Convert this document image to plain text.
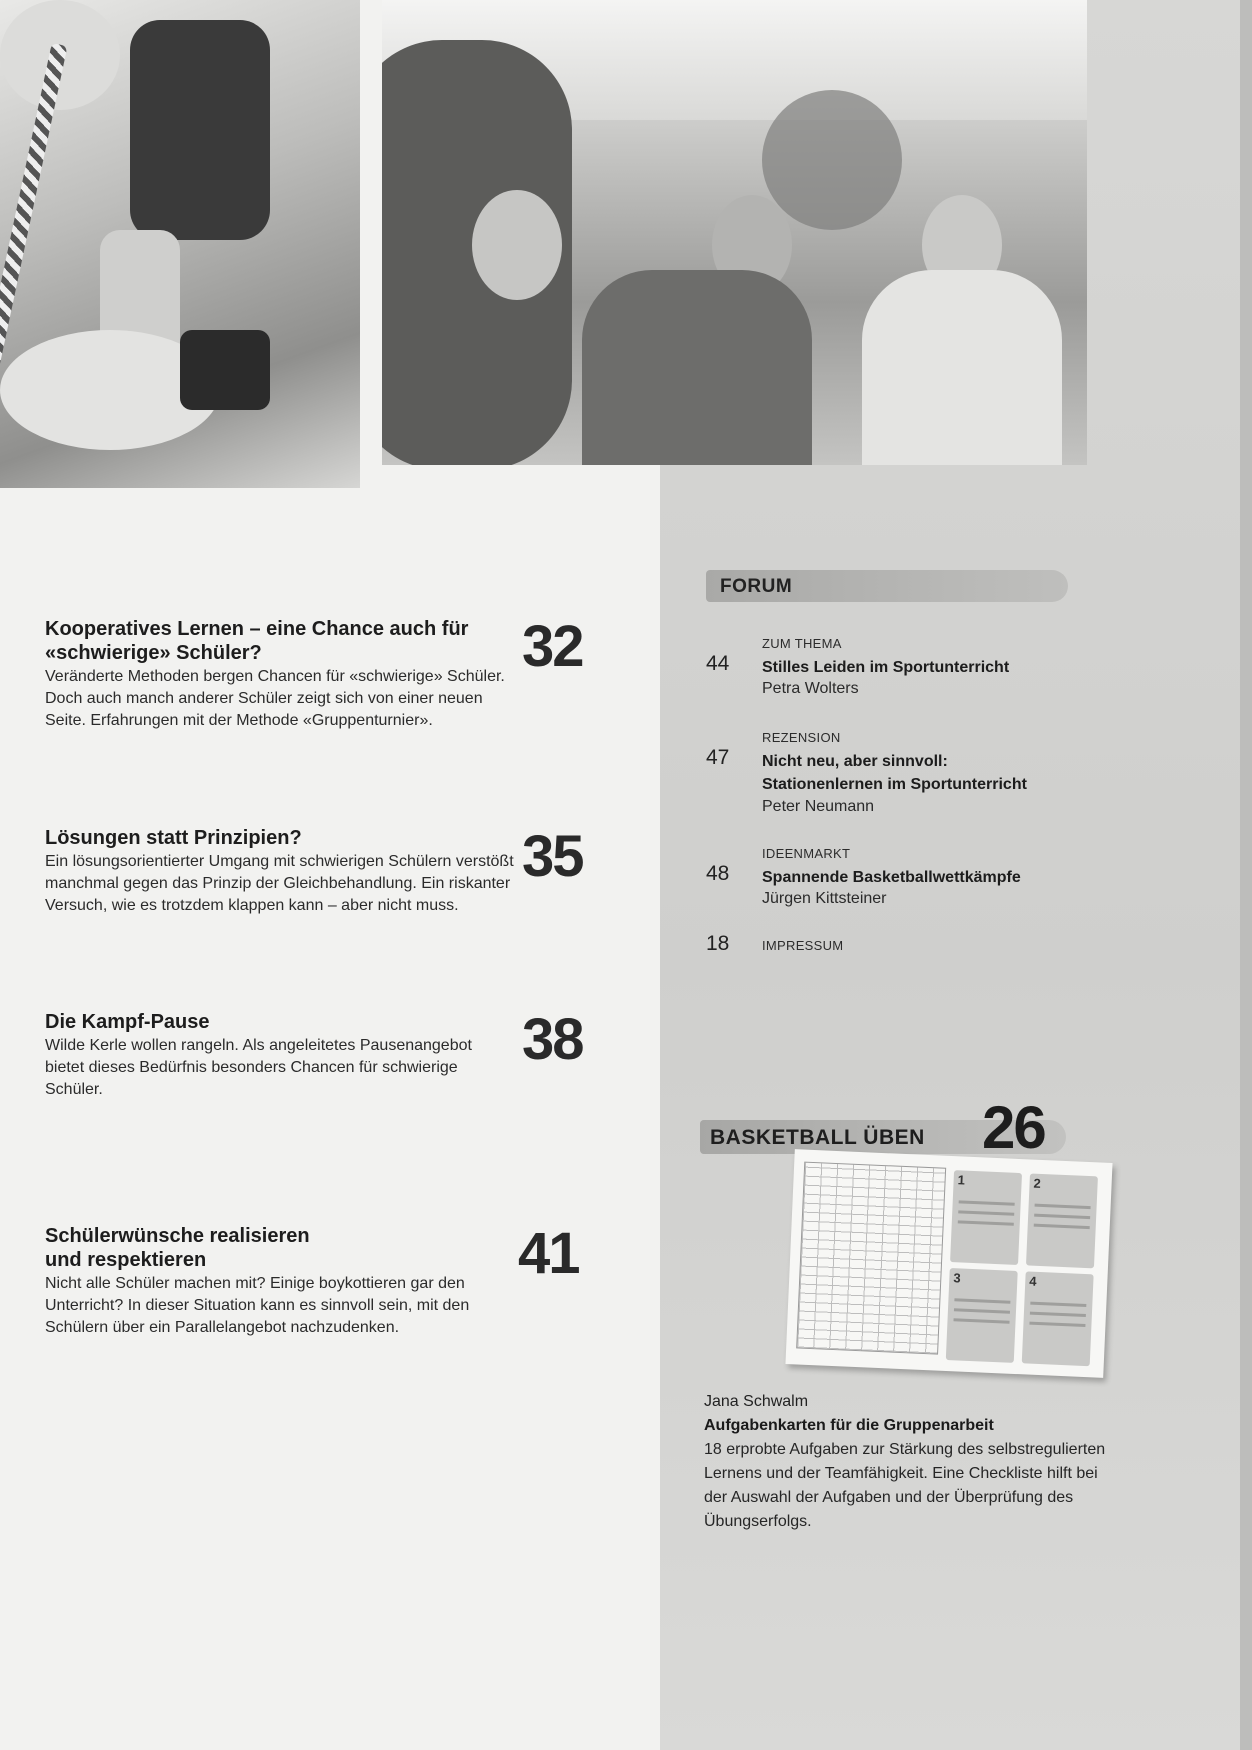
Kooperatives Lernen – eine Chance auch für «schwierige» Schüler?

Veränderte Methoden bergen Chancen für «schwierige» Schüler. Doch auch manch anderer Schüler zeigt sich von einer neuen Seite. Erfahrungen mit der Methode «Gruppenturnier».

32
Lösungen statt Prinzipien?

Ein lösungsorientierter Umgang mit schwierigen Schülern verstößt manchmal gegen das Prinzip der Gleichbehandlung. Ein riskanter Versuch, wie es trotzdem klappen kann – aber nicht muss.

35
Die Kampf-Pause

Wilde Kerle wollen rangeln. Als angeleitetes Pausenangebot bietet dieses Bedürfnis besonders Chancen für schwierige Schüler.

38
Schülerwünsche realisieren und respektieren

Nicht alle Schüler machen mit? Einige boykottieren gar den Unterricht? In dieser Situation kann es sinnvoll sein, mit den Schülern über ein Parallelangebot nachzudenken.

41
FORUM
44
ZUM THEMA
Stilles Leiden im Sportunterricht
Petra Wolters
47
REZENSION
Nicht neu, aber sinnvoll: Stationenlernen im Sportunterricht
Peter Neumann
48
IDEENMARKT
Spannende Basketballwettkämpfe
Jürgen Kittsteiner
18	IMPRESSUM
BASKETBALL ÜBEN 26
1	2
3	4
Jana Schwalm
Aufgabenkarten für die Gruppenarbeit

18 erprobte Aufgaben zur Stärkung des selbstregulierten Lernens und der Teamfähigkeit. Eine Checkliste hilft bei der Auswahl der Aufgaben und der Überprüfung des Übungserfolgs.
